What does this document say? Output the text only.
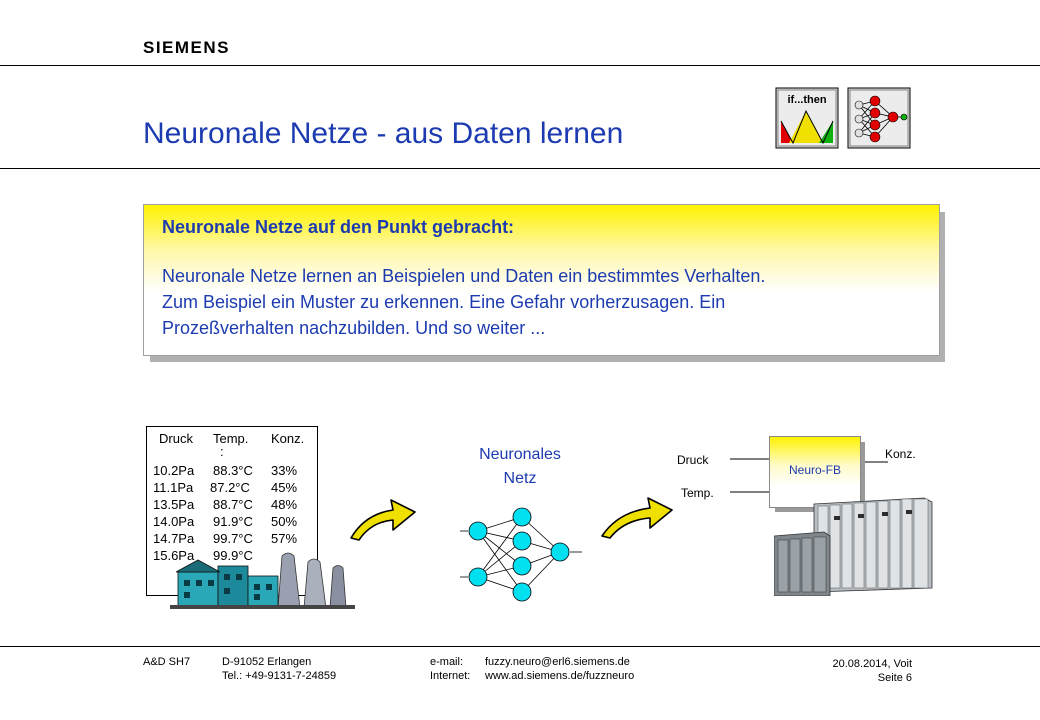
SIEMENS
Neuronale Netze - aus Daten lernen
if...then
Neuronale Netze auf den Punkt gebracht:
Neuronale Netze lernen an Beispielen und Daten ein bestimmtes Verhalten.
Zum Beispiel ein Muster zu erkennen. Eine Gefahr vorherzusagen. Ein
Prozeßverhalten nachzubilden. Und so weiter ...
Druck Temp. Konz.
:
10.2Pa 88.3°C 33%
11.1Pa 87.2°C 45%
13.5Pa 88.7°C 48%
14.0Pa 91.9°C 50%
14.7Pa 99.7°C 57%
15.6Pa 99.9°C
Neuronales
Netz
Druck
Temp.
Konz.
Neuro-FB
A&D SH7	D-91052 Erlangen
Tel.: +49-9131-7-24859
e-mail: fuzzy.neuro@erl6.siemens.de
Internet: www.ad.siemens.de/fuzzneuro
20.08.2014, Voit
Seite 6
